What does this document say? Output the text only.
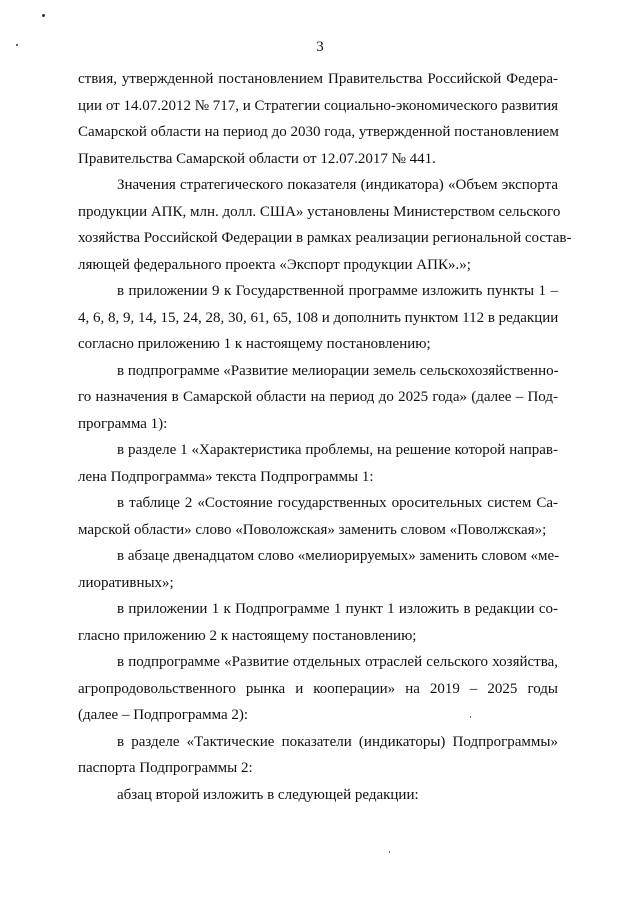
3
ствия, утвержденной постановлением Правительства Российской Федера-
ции от 14.07.2012 № 717, и Стратегии социально-экономического развития
Самарской области на период до 2030 года, утвержденной постановлением
Правительства Самарской области от 12.07.2017 № 441.
Значения стратегического показателя (индикатора) «Объем экспорта
продукции АПК, млн. долл. США» установлены Министерством сельского
хозяйства Российской Федерации в рамках реализации региональной состав-
ляющей федерального проекта «Экспорт продукции АПК».»;
в приложении 9 к Государственной программе изложить пункты 1 –
4, 6, 8, 9, 14, 15, 24, 28, 30, 61, 65, 108 и дополнить пунктом 112 в редакции
согласно приложению 1 к настоящему постановлению;
в подпрограмме «Развитие мелиорации земель сельскохозяйственно-
го назначения в Самарской области на период до 2025 года» (далее – Под-
программа 1):
в разделе 1 «Характеристика проблемы, на решение которой направ-
лена Подпрограмма» текста Подпрограммы 1:
в таблице 2 «Состояние государственных оросительных систем Са-
марской области» слово «Поволожская» заменить словом «Поволжская»;
в абзаце двенадцатом слово «мелиорируемых» заменить словом «ме-
лиоративных»;
в приложении 1 к Подпрограмме 1 пункт 1 изложить в редакции со-
гласно приложению 2 к настоящему постановлению;
в подпрограмме «Развитие отдельных отраслей сельского хозяйства,
агропродовольственного рынка и кооперации» на 2019 – 2025 годы
(далее – Подпрограмма 2):
в разделе «Тактические показатели (индикаторы) Подпрограммы»
паспорта Подпрограммы 2:
абзац второй изложить в следующей редакции:
